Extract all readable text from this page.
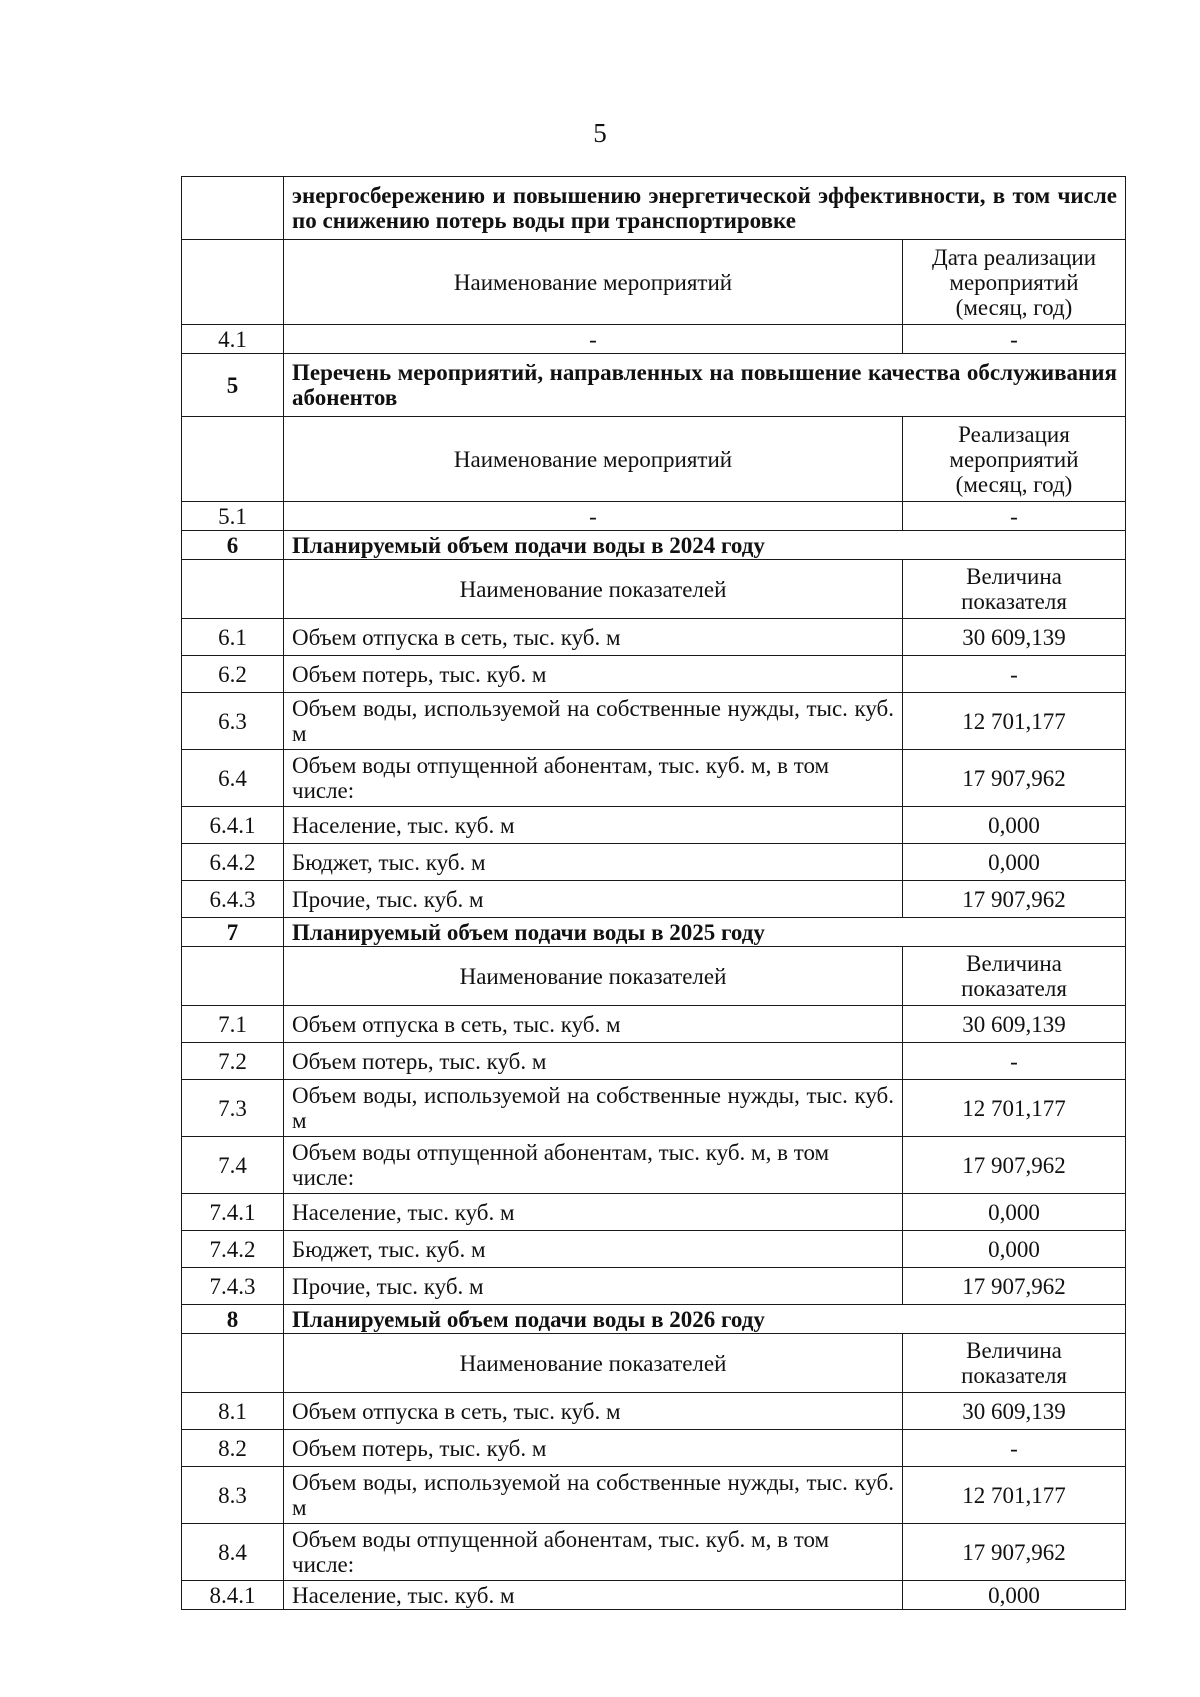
5
	энергосбережению и повышению энергетической эффективности, в том числе по снижению потерь воды при транспортировке	
	Наименование мероприятий	Дата реализации мероприятий (месяц, год)
4.1	-	-
5	Перечень мероприятий, направленных на повышение качества обслуживания абонентов	
	Наименование мероприятий	Реализация мероприятий (месяц, год)
5.1	-	-
6	Планируемый объем подачи воды в 2024 году	
	Наименование показателей	Величина показателя
6.1	Объем отпуска в сеть, тыс. куб. м	30 609,139
6.2	Объем потерь, тыс. куб. м	-
6.3	Объем воды, используемой на собственные нужды, тыс. куб. м	12 701,177
6.4	Объем воды отпущенной абонентам, тыс. куб. м, в том числе:	17 907,962
6.4.1	Население, тыс. куб. м	0,000
6.4.2	Бюджет, тыс. куб. м	0,000
6.4.3	Прочие, тыс. куб. м	17 907,962
7	Планируемый объем подачи воды в 2025 году	
	Наименование показателей	Величина показателя
7.1	Объем отпуска в сеть, тыс. куб. м	30 609,139
7.2	Объем потерь, тыс. куб. м	-
7.3	Объем воды, используемой на собственные нужды, тыс. куб. м	12 701,177
7.4	Объем воды отпущенной абонентам, тыс. куб. м, в том числе:	17 907,962
7.4.1	Население, тыс. куб. м	0,000
7.4.2	Бюджет, тыс. куб. м	0,000
7.4.3	Прочие, тыс. куб. м	17 907,962
8	Планируемый объем подачи воды в 2026 году	
	Наименование показателей	Величина показателя
8.1	Объем отпуска в сеть, тыс. куб. м	30 609,139
8.2	Объем потерь, тыс. куб. м	-
8.3	Объем воды, используемой на собственные нужды, тыс. куб. м	12 701,177
8.4	Объем воды отпущенной абонентам, тыс. куб. м, в том числе:	17 907,962
8.4.1	Население, тыс. куб. м	0,000
